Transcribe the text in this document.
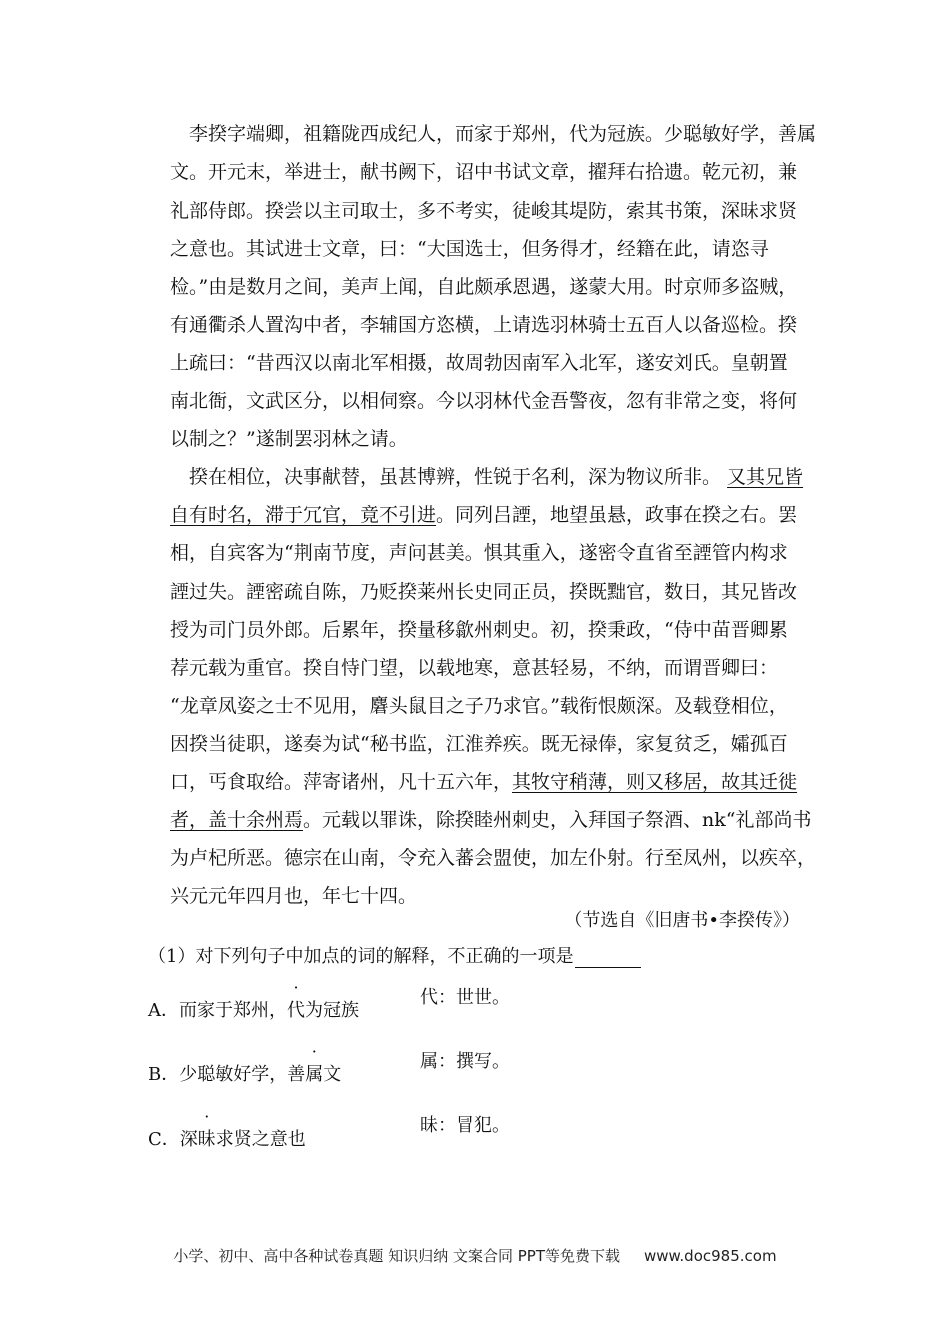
　李揆字端卿，祖籍陇西成纪人，而家于郑州，代为冠族。少聪敏好学，善属
文。开元末，举进士，献书阙下，诏中书试文章，擢拜右拾遗。乾元初，兼
礼部侍郎。揆尝以主司取士，多不考实，徒峻其堤防，索其书策，深昧求贤
之意也。其试进士文章，曰：“大国选士，但务得才，经籍在此，请恣寻
检。”由是数月之间，美声上闻，自此颇承恩遇，遂蒙大用。时京师多盗贼，
有通衢杀人置沟中者，李辅国方恣横，上请选羽林骑士五百人以备巡检。揆
上疏曰：“昔西汉以南北军相摄，故周勃因南军入北军，遂安刘氏。皇朝置
南北衙，文武区分，以相伺察。今以羽林代金吾警夜，忽有非常之变，将何
以制之？”遂制罢羽林之请。
　揆在相位，决事献替，虽甚博辨，性锐于名利，深为物议所非。 又其兄皆
自有时名，滞于冗官，竟不引进。同列吕諲，地望虽悬，政事在揆之右。罢
相，自宾客为“荆南节度，声问甚美。惧其重入，遂密令直省至諲管内构求
諲过失。諲密疏自陈，乃贬揆莱州长史同正员，揆既黜官，数日，其兄皆改
授为司门员外郎。后累年，揆量移歙州刺史。初，揆秉政，“侍中苗晋卿累
荐元载为重官。揆自恃门望，以载地寒，意甚轻易，不纳，而谓晋卿曰：
“龙章凤姿之士不见用，麏头鼠目之子乃求官。”载衔恨颇深。及载登相位，
因揆当徒职，遂奏为试“秘书监，江淮养疾。既无禄俸，家复贫乏，孀孤百
口，丐食取给。萍寄诸州，凡十五六年，其牧守稍薄，则又移居，故其迁徙
者，盖十余州焉。元载以罪诛，除揆睦州刺史，入拜国子祭酒、nk“礼部尚书
为卢杞所恶。德宗在山南，令充入蕃会盟使，加左仆射。行至凤州，以疾卒，
兴元元年四月也，年七十四。
（节选自《旧唐书•李揆传》）
（1）对下列句子中加点的词的解释，不正确的一项是
A．而家于郑州，代为冠族
代：世世。
B．少聪敏好学，善属文
属：撰写。
C．深昧求贤之意也
昧：冒犯。
小学、初中、高中各种试卷真题 知识归纳 文案合同 PPT等免费下载 www.doc985.com
